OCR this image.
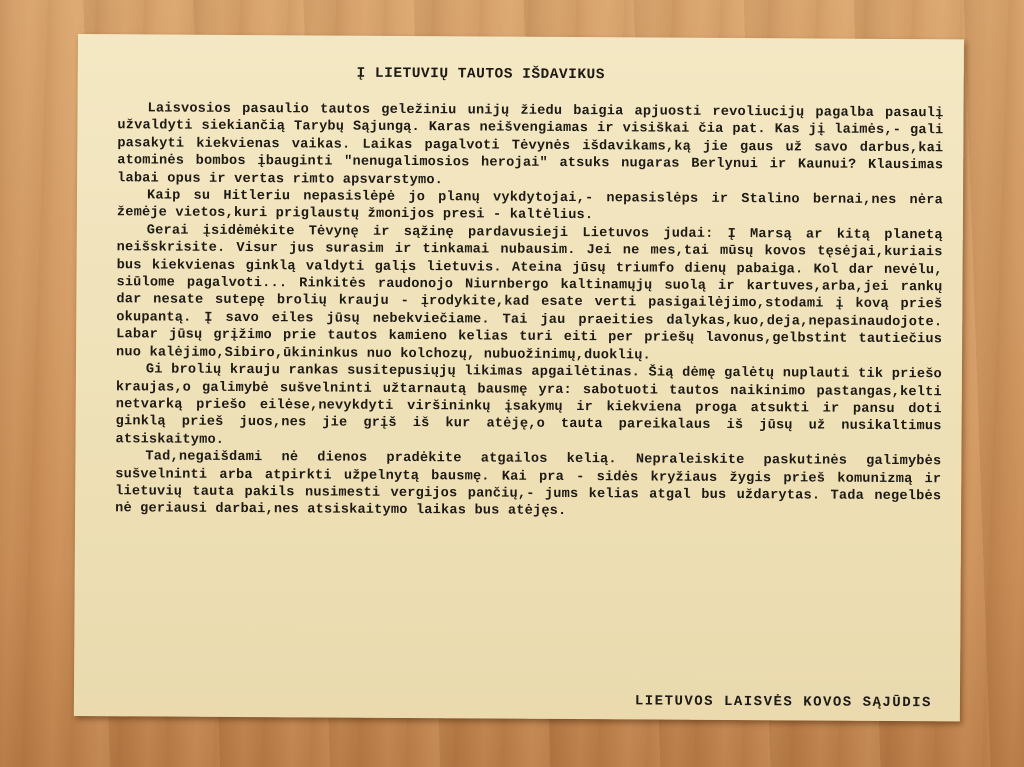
Į LIETUVIŲ TAUTOS IŠDAVIKUS

Laisvosios pasaulio tautos geležiniu unijų žiedu baigia apjuosti revoliucijų pagalba pasaulį užvaldyti siekiančią Tarybų Sąjungą. Karas neišvengiamas ir visiškai čia pat. Kas jį laimės,- gali pasakyti kiekvienas vaikas. Laikas pagalvoti Tėvynės išdavikams,ką jie gaus už savo darbus,kai atominės bombos įbauginti "nenugalimosios herojai" atsuks nugaras Berlynui ir Kaunui? Klausimas labai opus ir vertas rimto apsvarstymo.

Kaip su Hitleriu nepasislėpė jo planų vykdytojai,- nepasislėps ir Stalino bernai,nes nėra žemėje vietos,kuri priglaustų žmonijos presi - kaltėlius.

Gerai įsidėmėkite Tėvynę ir sąžinę pardavusieji Lietuvos judai: Į Marsą ar kitą planetą neišskrisite. Visur jus surasim ir tinkamai nubausim. Jei ne mes,tai mūsų kovos tęsėjai,kuriais bus kiekvienas ginklą valdyti galįs lietuvis. Ateina jūsų triumfo dienų pabaiga. Kol dar nevėlu, siūlome pagalvoti... Rinkitės raudonojo Niurnbergo kaltinamųjų suolą ir kartuves,arba,jei rankų dar nesate sutepę brolių krauju - įrodykite,kad esate verti pasigailėjimo,stodami į kovą prieš okupantą. Į savo eiles jūsų nebekviečiame. Tai jau praeities dalykas,kuo,deja,nepasinaudojote. Labar jūsų grįžimo prie tautos kamieno kelias turi eiti per priešų lavonus,gelbstint tautiečius nuo kalėjimo,Sibiro,ūkininkus nuo kolchozų, nubuožinimų,duoklių.

Gi brolių krauju rankas susitepusiųjų likimas apgailėtinas. Šią dėmę galėtų nuplauti tik priešo kraujas,o galimybė sušvelninti užtarnautą bausmę yra: sabotuoti tautos naikinimo pastangas,kelti netvarką priešo eilėse,nevykdyti viršininkų įsakymų ir kiekviena proga atsukti ir pansu doti ginklą prieš juos,nes jie grįš iš kur atėję,o tauta pareikalaus iš jūsų už nusikaltimus atsiskaitymo.

Tad,negaišdami nė dienos pradėkite atgailos kelią. Nepraleiskite paskutinės galimybės sušvelninti arba atpirkti užpelnytą bausmę. Kai pra - sidės kryžiaus žygis prieš komunizmą ir lietuvių tauta pakils nusimesti vergijos pančių,- jums kelias atgal bus uždarytas. Tada negelbės nė geriausi darbai,nes atsiskaitymo laikas bus atėjęs.

LIETUVOS LAISVĖS KOVOS SĄJŪDIS
